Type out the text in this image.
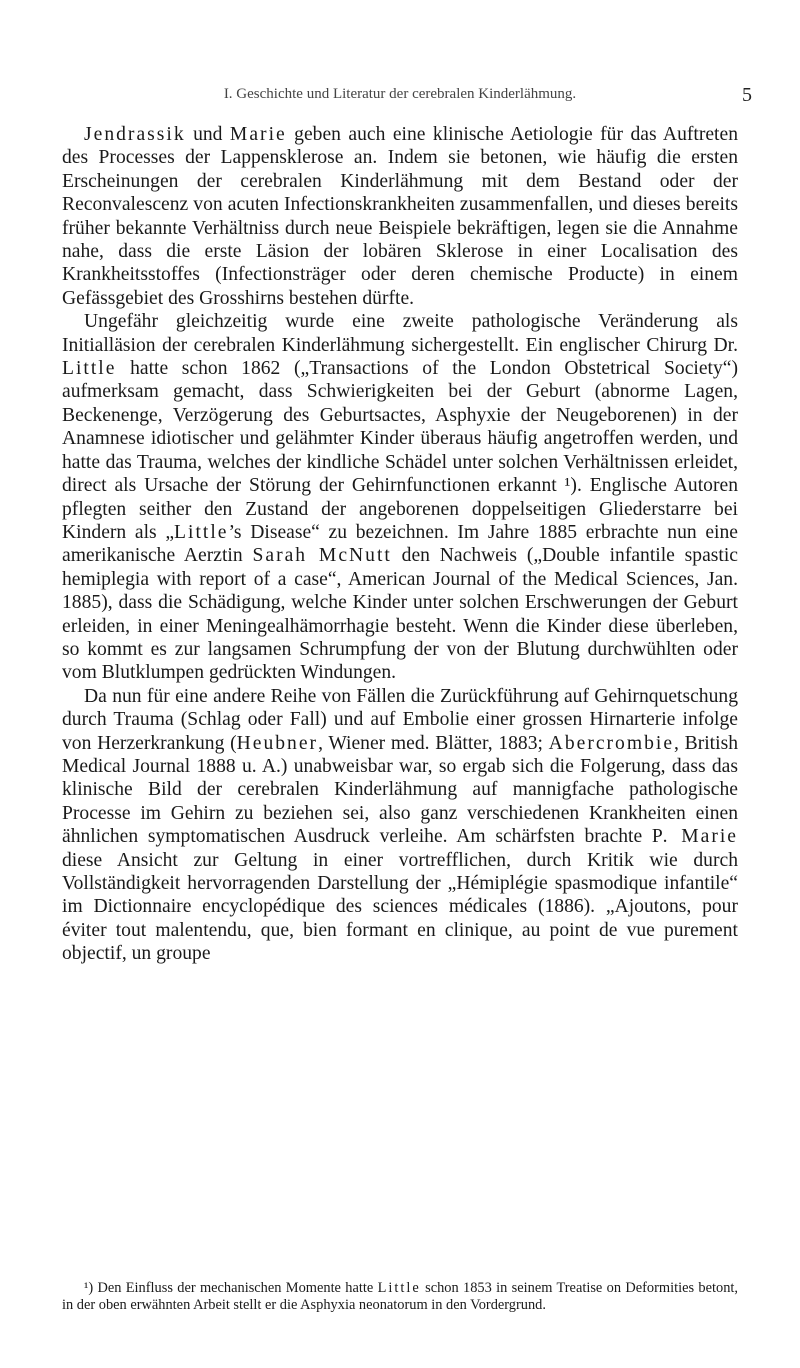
I. Geschichte und Literatur der cerebralen Kinderlähmung.	5

Jendrassik und Marie geben auch eine klinische Aetiologie für das Auftreten des Processes der Lappensklerose an. Indem sie betonen, wie häufig die ersten Erscheinungen der cerebralen Kinderlähmung mit dem Bestand oder der Reconvalescenz von acuten Infectionskrankheiten zusammenfallen, und dieses bereits früher bekannte Verhältniss durch neue Beispiele bekräftigen, legen sie die Annahme nahe, dass die erste Läsion der lobären Sklerose in einer Localisation des Krankheitsstoffes (Infectionsträger oder deren chemische Producte) in einem Gefässgebiet des Grosshirns bestehen dürfte.

Ungefähr gleichzeitig wurde eine zweite pathologische Veränderung als Initialläsion der cerebralen Kinderlähmung sichergestellt. Ein englischer Chirurg Dr. Little hatte schon 1862 („Transactions of the London Obstetrical Society“) aufmerksam gemacht, dass Schwierigkeiten bei der Geburt (abnorme Lagen, Beckenenge, Verzögerung des Geburtsactes, Asphyxie der Neugeborenen) in der Anamnese idiotischer und gelähmter Kinder überaus häufig angetroffen werden, und hatte das Trauma, welches der kindliche Schädel unter solchen Verhältnissen erleidet, direct als Ursache der Störung der Gehirnfunctionen erkannt ¹). Englische Autoren pflegten seither den Zustand der angeborenen doppelseitigen Gliederstarre bei Kindern als „Little’s Disease“ zu bezeichnen. Im Jahre 1885 erbrachte nun eine amerikanische Aerztin Sarah McNutt den Nachweis („Double infantile spastic hemiplegia with report of a case“, American Journal of the Medical Sciences, Jan. 1885), dass die Schädigung, welche Kinder unter solchen Erschwerungen der Geburt erleiden, in einer Meningealhämorrhagie besteht. Wenn die Kinder diese überleben, so kommt es zur langsamen Schrumpfung der von der Blutung durchwühlten oder vom Blutklumpen gedrückten Windungen.

Da nun für eine andere Reihe von Fällen die Zurückführung auf Gehirnquetschung durch Trauma (Schlag oder Fall) und auf Embolie einer grossen Hirnarterie infolge von Herzerkrankung (Heubner, Wiener med. Blätter, 1883; Abercrombie, British Medical Journal 1888 u. A.) unabweisbar war, so ergab sich die Folgerung, dass das klinische Bild der cerebralen Kinderlähmung auf mannigfache pathologische Processe im Gehirn zu beziehen sei, also ganz verschiedenen Krankheiten einen ähnlichen symptomatischen Ausdruck verleihe. Am schärfsten brachte P. Marie diese Ansicht zur Geltung in einer vortrefflichen, durch Kritik wie durch Vollständigkeit hervorragenden Darstellung der „Hémiplégie spasmodique infantile“ im Dictionnaire encyclopédique des sciences médicales (1886). „Ajoutons, pour éviter tout malentendu, que, bien formant en clinique, au point de vue purement objectif, un groupe

¹) Den Einfluss der mechanischen Momente hatte Little schon 1853 in seinem Treatise on Deformities betont, in der oben erwähnten Arbeit stellt er die Asphyxia neonatorum in den Vordergrund.
